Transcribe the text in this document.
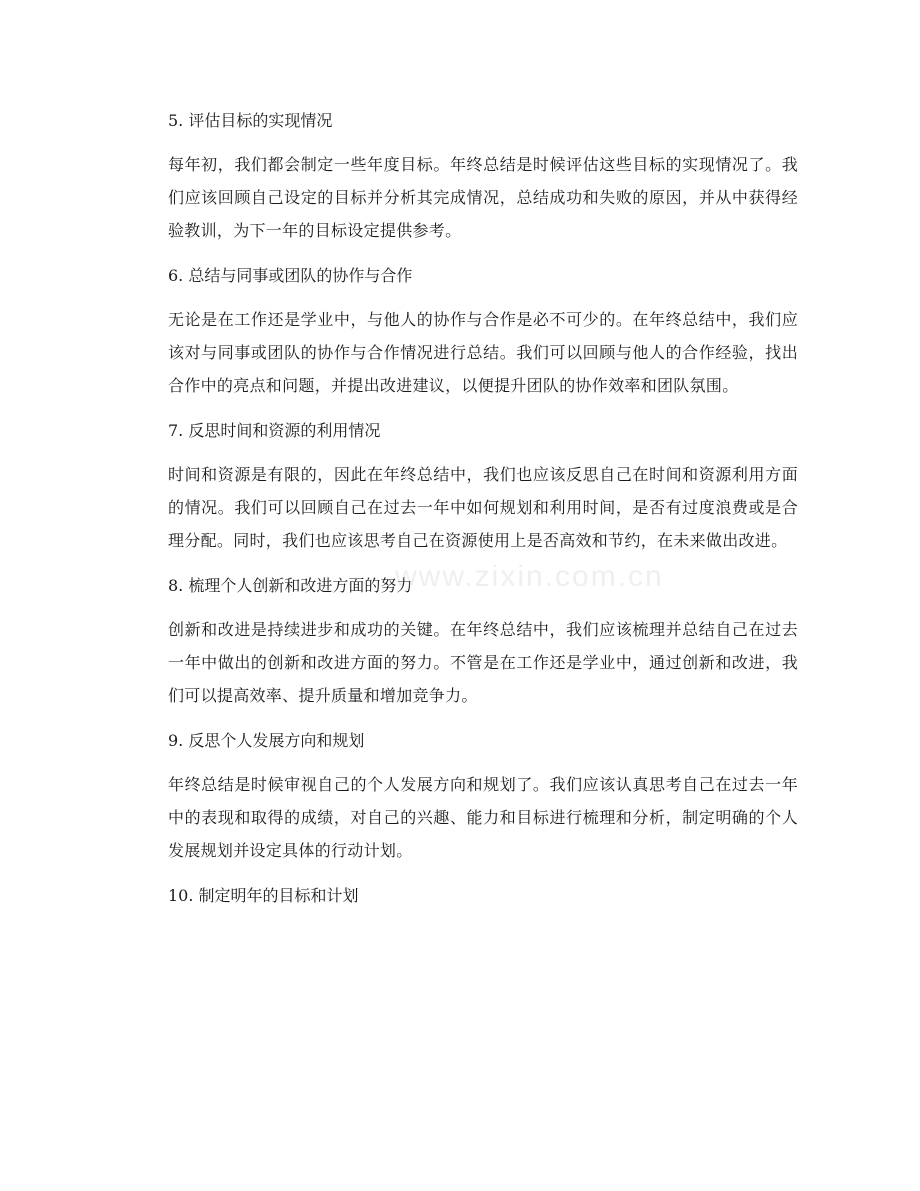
5. 评估目标的实现情况
每年初，我们都会制定一些年度目标。年终总结是时候评估这些目标的实现情况了。我们应该回顾自己设定的目标并分析其完成情况，总结成功和失败的原因，并从中获得经验教训，为下一年的目标设定提供参考。
6. 总结与同事或团队的协作与合作
无论是在工作还是学业中，与他人的协作与合作是必不可少的。在年终总结中，我们应该对与同事或团队的协作与合作情况进行总结。我们可以回顾与他人的合作经验，找出合作中的亮点和问题，并提出改进建议，以便提升团队的协作效率和团队氛围。
7. 反思时间和资源的利用情况
时间和资源是有限的，因此在年终总结中，我们也应该反思自己在时间和资源利用方面的情况。我们可以回顾自己在过去一年中如何规划和利用时间，是否有过度浪费或是合理分配。同时，我们也应该思考自己在资源使用上是否高效和节约，在未来做出改进。
8. 梳理个人创新和改进方面的努力
创新和改进是持续进步和成功的关键。在年终总结中，我们应该梳理并总结自己在过去一年中做出的创新和改进方面的努力。不管是在工作还是学业中，通过创新和改进，我们可以提高效率、提升质量和增加竞争力。
9. 反思个人发展方向和规划
年终总结是时候审视自己的个人发展方向和规划了。我们应该认真思考自己在过去一年中的表现和取得的成绩，对自己的兴趣、能力和目标进行梳理和分析，制定明确的个人发展规划并设定具体的行动计划。
10. 制定明年的目标和计划
www.zixin.com.cn
